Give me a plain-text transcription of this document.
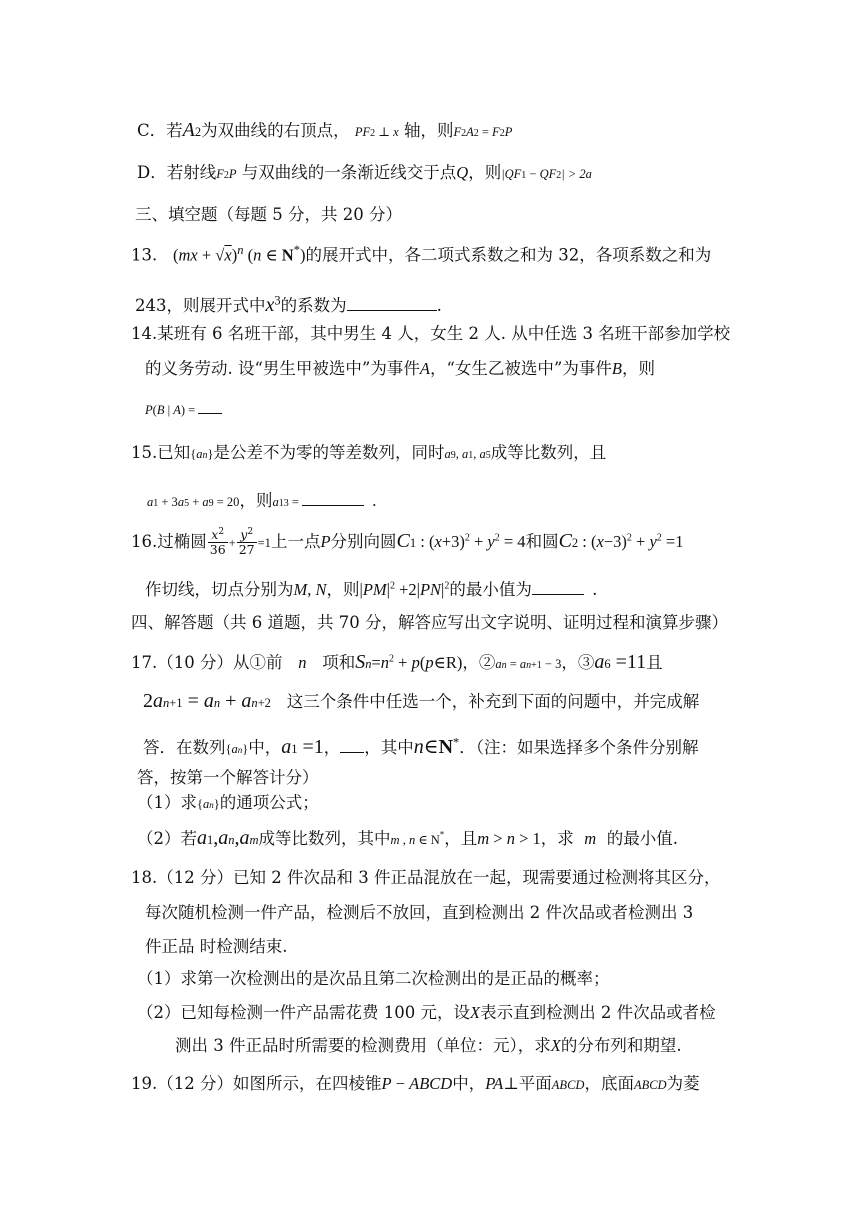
C．若A2为双曲线的右顶点， PF2 ⊥ x 轴，则F2A2 = F2P
D．若射线F2P 与双曲线的一条渐近线交于点Q，则|QF1 − QF2| > 2a
三、填空题（每题 5 分，共 20 分）
13. (mx + √x)$^n$ (n ∈ N*)的展开式中，各二项式系数之和为 32，各项系数之和为
243，则展开式中$x^3$的系数为	.
14.某班有 6 名班干部，其中男生 4 人，女生 2 人. 从中任选 3 名班干部参加学校
的义务劳动. 设“男生甲被选中”为事件A，“女生乙被选中”为事件B，则
P(B | A) =
15.已知{an}是公差不为零的等差数列，同时a9, a1, a5成等比数列，且
a1 + 3a5 + a9 = 20，则a13 =	.
16.过椭圆 $\frac{x^2}{36} + \frac{y^2}{27} =1$上一点P分别向圆C1 : $(x+3)^2 + y^2 = 4$和圆C2 : $(x-3)^2 + y^2 =1$
作切线，切点分别为M, N，则$|PM|^2 +2|PN|^2$的最小值为	.
四、解答题（共 6 道题，共 70 分，解答应写出文字说明、证明过程和演算步骤）
17.（10 分）从①前 n 项和$Sn=n^2$ + p(p∈R)，②an = an+1 − 3，③a6 =11且
2an+1 = an + an+2 这三个条件中任选一个，补充到下面的问题中，并完成解
答．在数列{an}中，a1 =1， ，其中n∈N*．（注：如果选择多个条件分别解
答，按第一个解答计分）
（1）求{an}的通项公式；
（2）若a1,an,am成等比数列，其中m , n ∈ N*，且m > n > 1，求 m 的最小值.
18.（12 分）已知 2 件次品和 3 件正品混放在一起，现需要通过检测将其区分，
每次随机检测一件产品，检测后不放回，直到检测出 2 件次品或者检测出 3
件正品 时检测结束.
（1）求第一次检测出的是次品且第二次检测出的是正品的概率；
（2）已知每检测一件产品需花费 100 元，设X表示直到检测出 2 件次品或者检
测出 3 件正品时所需要的检测费用（单位：元），求X的分布列和期望.
19.（12 分）如图所示，在四棱锥P − ABCD中，PA⊥平面ABCD，底面ABCD为菱
